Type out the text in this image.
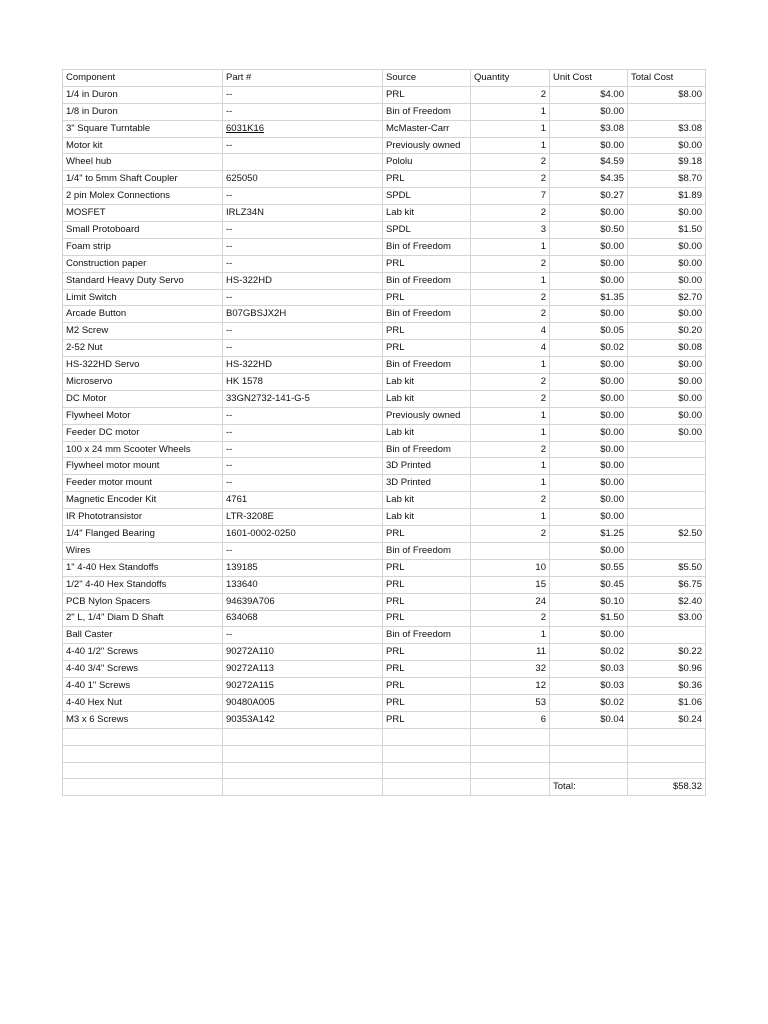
Component	Part #	Source	Quantity	Unit Cost	Total Cost
1/4 in Duron	--	PRL	2	$4.00	$8.00
1/8 in Duron	--	Bin of Freedom	1	$0.00	
3" Square Turntable	6031K16	McMaster-Carr	1	$3.08	$3.08
Motor kit	--	Previously owned	1	$0.00	$0.00
Wheel hub		Pololu	2	$4.59	$9.18
1/4" to 5mm Shaft Coupler	625050	PRL	2	$4.35	$8.70
2 pin Molex Connections	--	SPDL	7	$0.27	$1.89
MOSFET	IRLZ34N	Lab kit	2	$0.00	$0.00
Small Protoboard	--	SPDL	3	$0.50	$1.50
Foam strip	--	Bin of Freedom	1	$0.00	$0.00
Construction paper	--	PRL	2	$0.00	$0.00
Standard Heavy Duty Servo	HS-322HD	Bin of Freedom	1	$0.00	$0.00
Limit Switch	--	PRL	2	$1.35	$2.70
Arcade Button	B07GBSJX2H	Bin of Freedom	2	$0.00	$0.00
M2 Screw	--	PRL	4	$0.05	$0.20
2-52 Nut	--	PRL	4	$0.02	$0.08
HS-322HD Servo	HS-322HD	Bin of Freedom	1	$0.00	$0.00
Microservo	HK 1578	Lab kit	2	$0.00	$0.00
DC Motor	33GN2732-141-G-5	Lab kit	2	$0.00	$0.00
Flywheel Motor	--	Previously owned	1	$0.00	$0.00
Feeder DC motor	--	Lab kit	1	$0.00	$0.00
100 x 24 mm Scooter Wheels	--	Bin of Freedom	2	$0.00	
Flywheel motor mount	--	3D Printed	1	$0.00	
Feeder motor mount	--	3D Printed	1	$0.00	
Magnetic Encoder Kit	4761	Lab kit	2	$0.00	
IR Phototransistor	LTR-3208E	Lab kit	1	$0.00	
1/4" Flanged Bearing	1601-0002-0250	PRL	2	$1.25	$2.50
Wires	--	Bin of Freedom		$0.00	
1" 4-40 Hex Standoffs	139185	PRL	10	$0.55	$5.50
1/2" 4-40 Hex Standoffs	133640	PRL	15	$0.45	$6.75
PCB Nylon Spacers	94639A706	PRL	24	$0.10	$2.40
2" L, 1/4" Diam D Shaft	634068	PRL	2	$1.50	$3.00
Ball Caster	--	Bin of Freedom	1	$0.00	
4-40 1/2" Screws	90272A110	PRL	11	$0.02	$0.22
4-40 3/4" Screws	90272A113	PRL	32	$0.03	$0.96
4-40 1" Screws	90272A115	PRL	12	$0.03	$0.36
4-40 Hex Nut	90480A005	PRL	53	$0.02	$1.06
M3 x 6 Screws	90353A142	PRL	6	$0.04	$0.24

				Total:	$58.32
